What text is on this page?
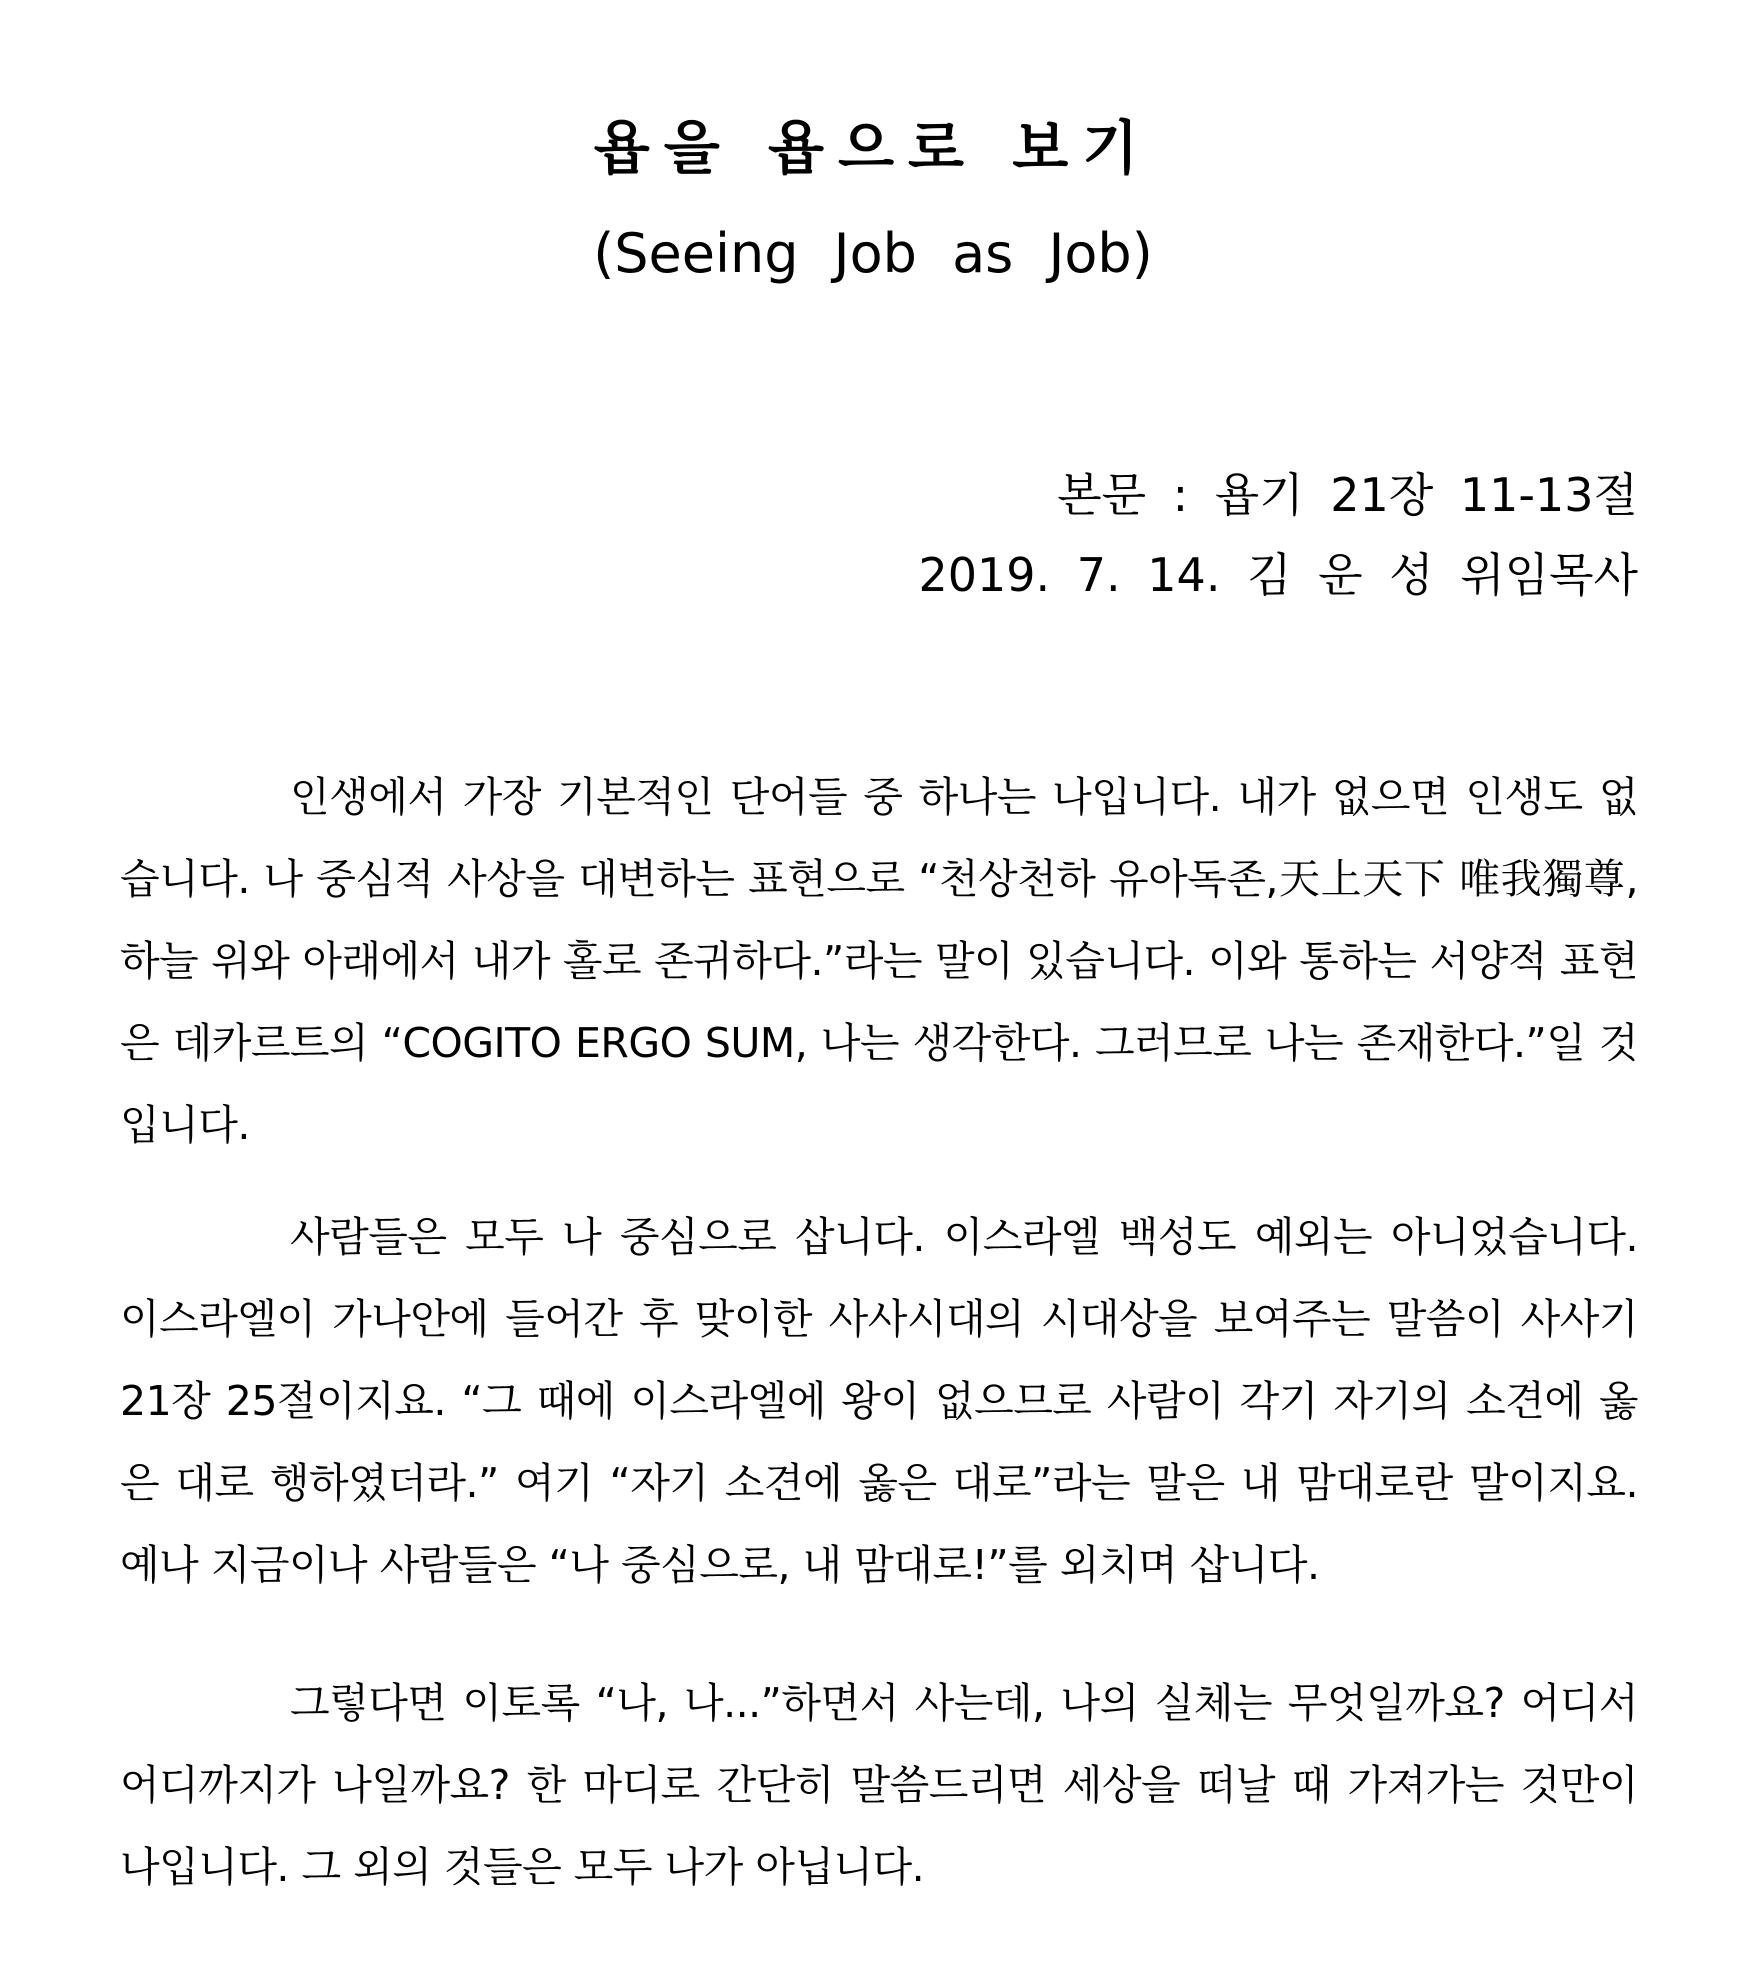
욥을 욥으로 보기
(Seeing Job as Job)
본문 : 욥기 21장 11-13절
2019. 7. 14. 김 운 성 위임목사

인생에서 가장 기본적인 단어들 중 하나는 나입니다. 내가 없으면 인생도 없습니다. 나 중심적 사상을 대변하는 표현으로 “천상천하 유아독존,天上天下 唯我獨尊, 하늘 위와 아래에서 내가 홀로 존귀하다.”라는 말이 있습니다. 이와 통하는 서양적 표현은 데카르트의 “COGITO ERGO SUM, 나는 생각한다. 그러므로 나는 존재한다.”일 것입니다.

사람들은 모두 나 중심으로 삽니다. 이스라엘 백성도 예외는 아니었습니다. 이스라엘이 가나안에 들어간 후 맞이한 사사시대의 시대상을 보여주는 말씀이 사사기 21장 25절이지요. “그 때에 이스라엘에 왕이 없으므로 사람이 각기 자기의 소견에 옳은 대로 행하였더라.” 여기 “자기 소견에 옳은 대로”라는 말은 내 맘대로란 말이지요. 예나 지금이나 사람들은 “나 중심으로, 내 맘대로!”를 외치며 삽니다.

그렇다면 이토록 “나, 나...”하면서 사는데, 나의 실체는 무엇일까요? 어디서 어디까지가 나일까요? 한 마디로 간단히 말씀드리면 세상을 떠날 때 가져가는 것만이 나입니다. 그 외의 것들은 모두 나가 아닙니다.
